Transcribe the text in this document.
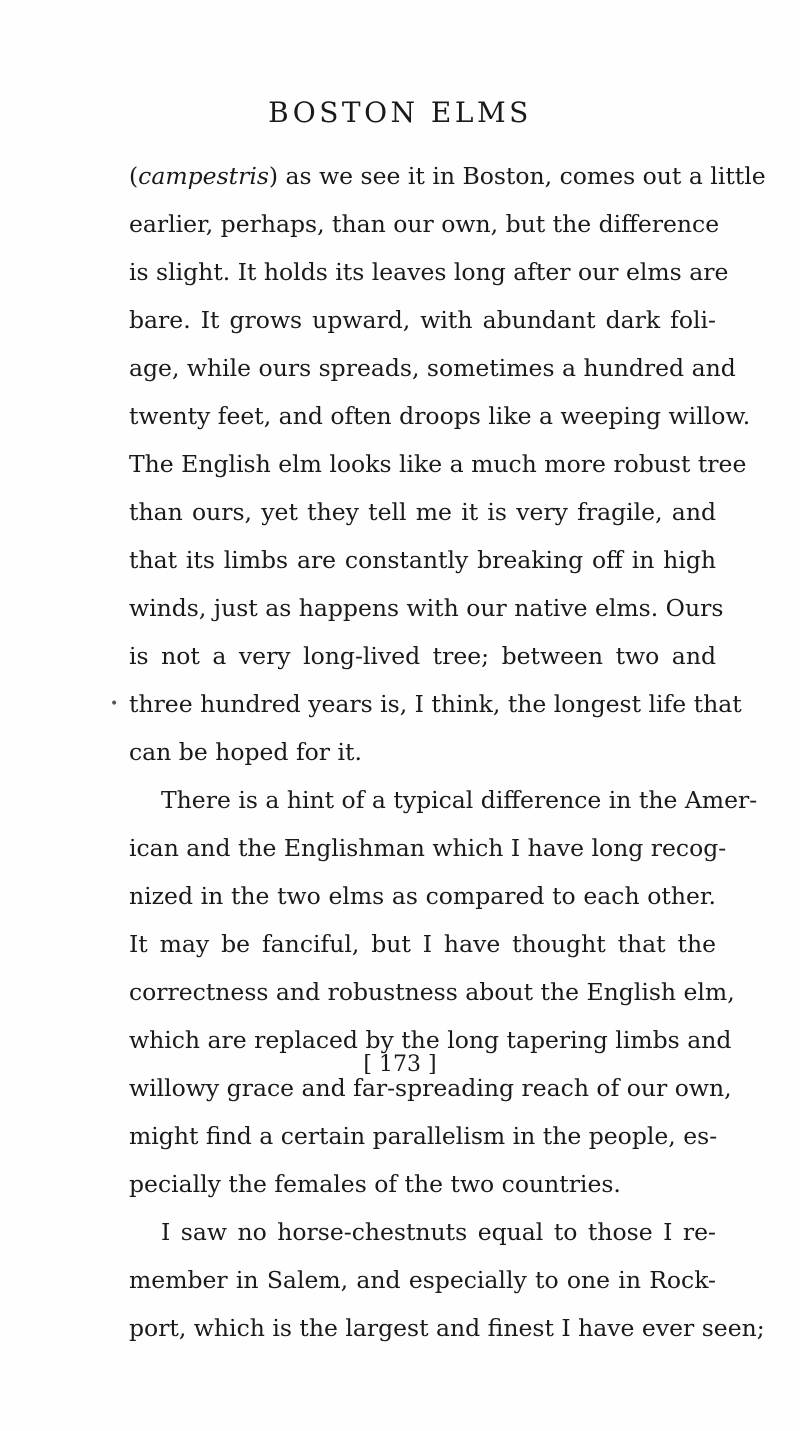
BOSTON ELMS
•
(campestris) as we see it in Boston, comes out a little
earlier, perhaps, than our own, but the difference
is slight. It holds its leaves long after our elms are
bare. It grows upward, with abundant dark foli-
age, while ours spreads, sometimes a hundred and
twenty feet, and often droops like a weeping willow.
The English elm looks like a much more robust tree
than ours, yet they tell me it is very fragile, and
that its limbs are constantly breaking off in high
winds, just as happens with our native elms. Ours
is not a very long-lived tree; between two and
three hundred years is, I think, the longest life that
can be hoped for it.
There is a hint of a typical difference in the Amer-
ican and the Englishman which I have long recog-
nized in the two elms as compared to each other.
It may be fanciful, but I have thought that the
correctness and robustness about the English elm,
which are replaced by the long tapering limbs and
willowy grace and far-spreading reach of our own,
might find a certain parallelism in the people, es-
pecially the females of the two countries.
I saw no horse-chestnuts equal to those I re-
member in Salem, and especially to one in Rock-
port, which is the largest and finest I have ever seen;
[ 173 ]
